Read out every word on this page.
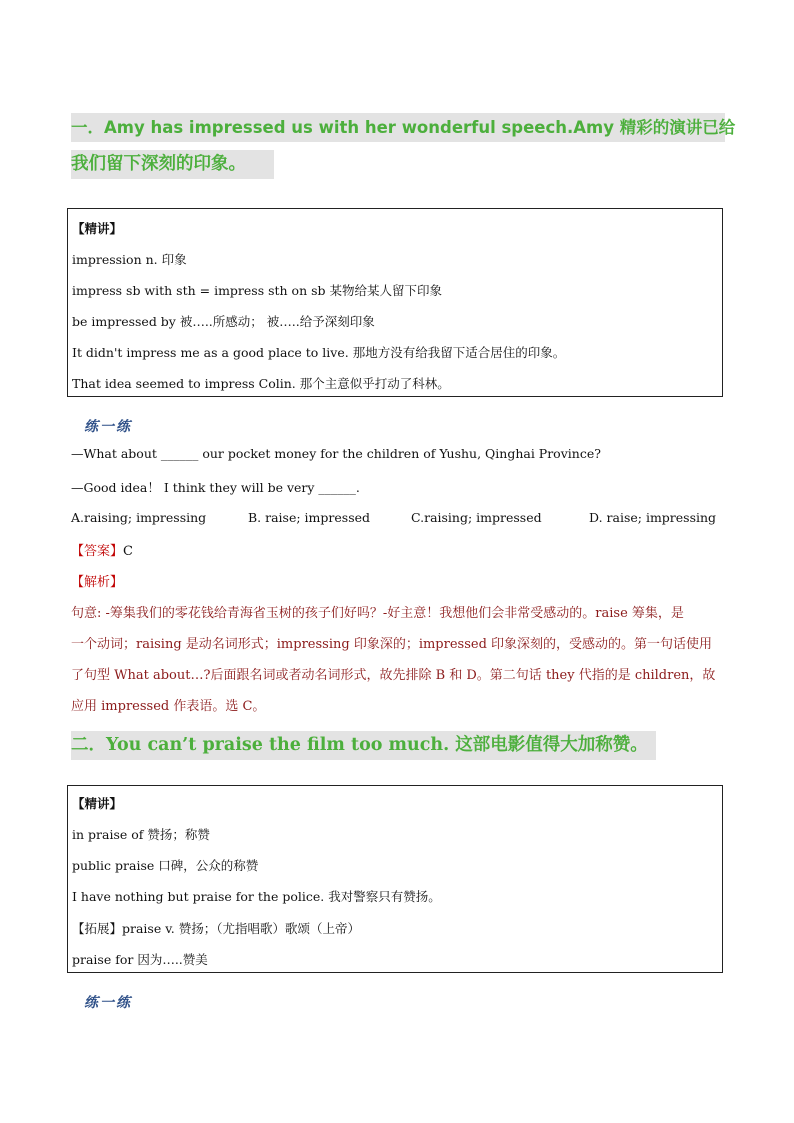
一．Amy has impressed us with her wonderful speech.Amy 精彩的演讲已给
我们留下深刻的印象。
【精讲】
impression n. 印象
impress sb with sth = impress sth on sb 某物给某人留下印象
be impressed by 被…..所感动； 被…..给予深刻印象
It didn't impress me as a good place to live. 那地方没有给我留下适合居住的印象。
That idea seemed to impress Colin. 那个主意似乎打动了科林。
练一练
—What about ______ our pocket money for the children of Yushu, Qinghai Province?
—Good idea！ I think they will be very ______.
A.raising; impressing	B. raise; impressed	C.raising; impressed	D. raise; impressing
【答案】C
【解析】
句意: -筹集我们的零花钱给青海省玉树的孩子们好吗？-好主意！我想他们会非常受感动的。raise 筹集，是
一个动词；raising 是动名词形式；impressing 印象深的；impressed 印象深刻的，受感动的。第一句话使用
了句型 What about…?后面跟名词或者动名词形式，故先排除 B 和 D。第二句话 they 代指的是 children，故
应用 impressed 作表语。选 C。
二．You can’t praise the film too much. 这部电影值得大加称赞。
【精讲】
in praise of 赞扬；称赞
public praise 口碑，公众的称赞
I have nothing but praise for the police. 我对警察只有赞扬。
【拓展】praise v. 赞扬；（尤指唱歌）歌颂（上帝）
praise for 因为…..赞美
练一练
